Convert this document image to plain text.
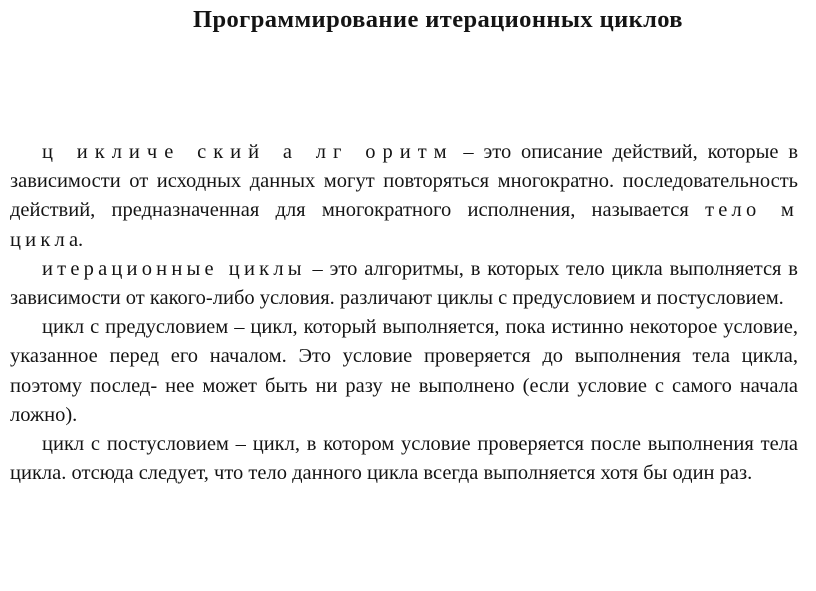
Программирование итерационных циклов

ц икличе ский а лг оритм – это описание действий, которые в зависимости от исходных данных могут повторяться многократно. последовательность действий, предназначенная для многократного исполнения, называется тело м цикла.

итерационные циклы – это алгоритмы, в которых тело цикла выполняется в зависимости от какого-либо условия. различают циклы с предусловием и постусловием.

цикл с предусловием – цикл, который выполняется, пока истинно некоторое условие, указанное перед его началом. Это условие проверяется до выполнения тела цикла, поэтому послед- нее может быть ни разу не выполнено (если условие с самого начала ложно).

цикл с постусловием – цикл, в котором условие проверяется после выполнения тела цикла. отсюда следует, что тело данного цикла всегда выполняется хотя бы один раз.
